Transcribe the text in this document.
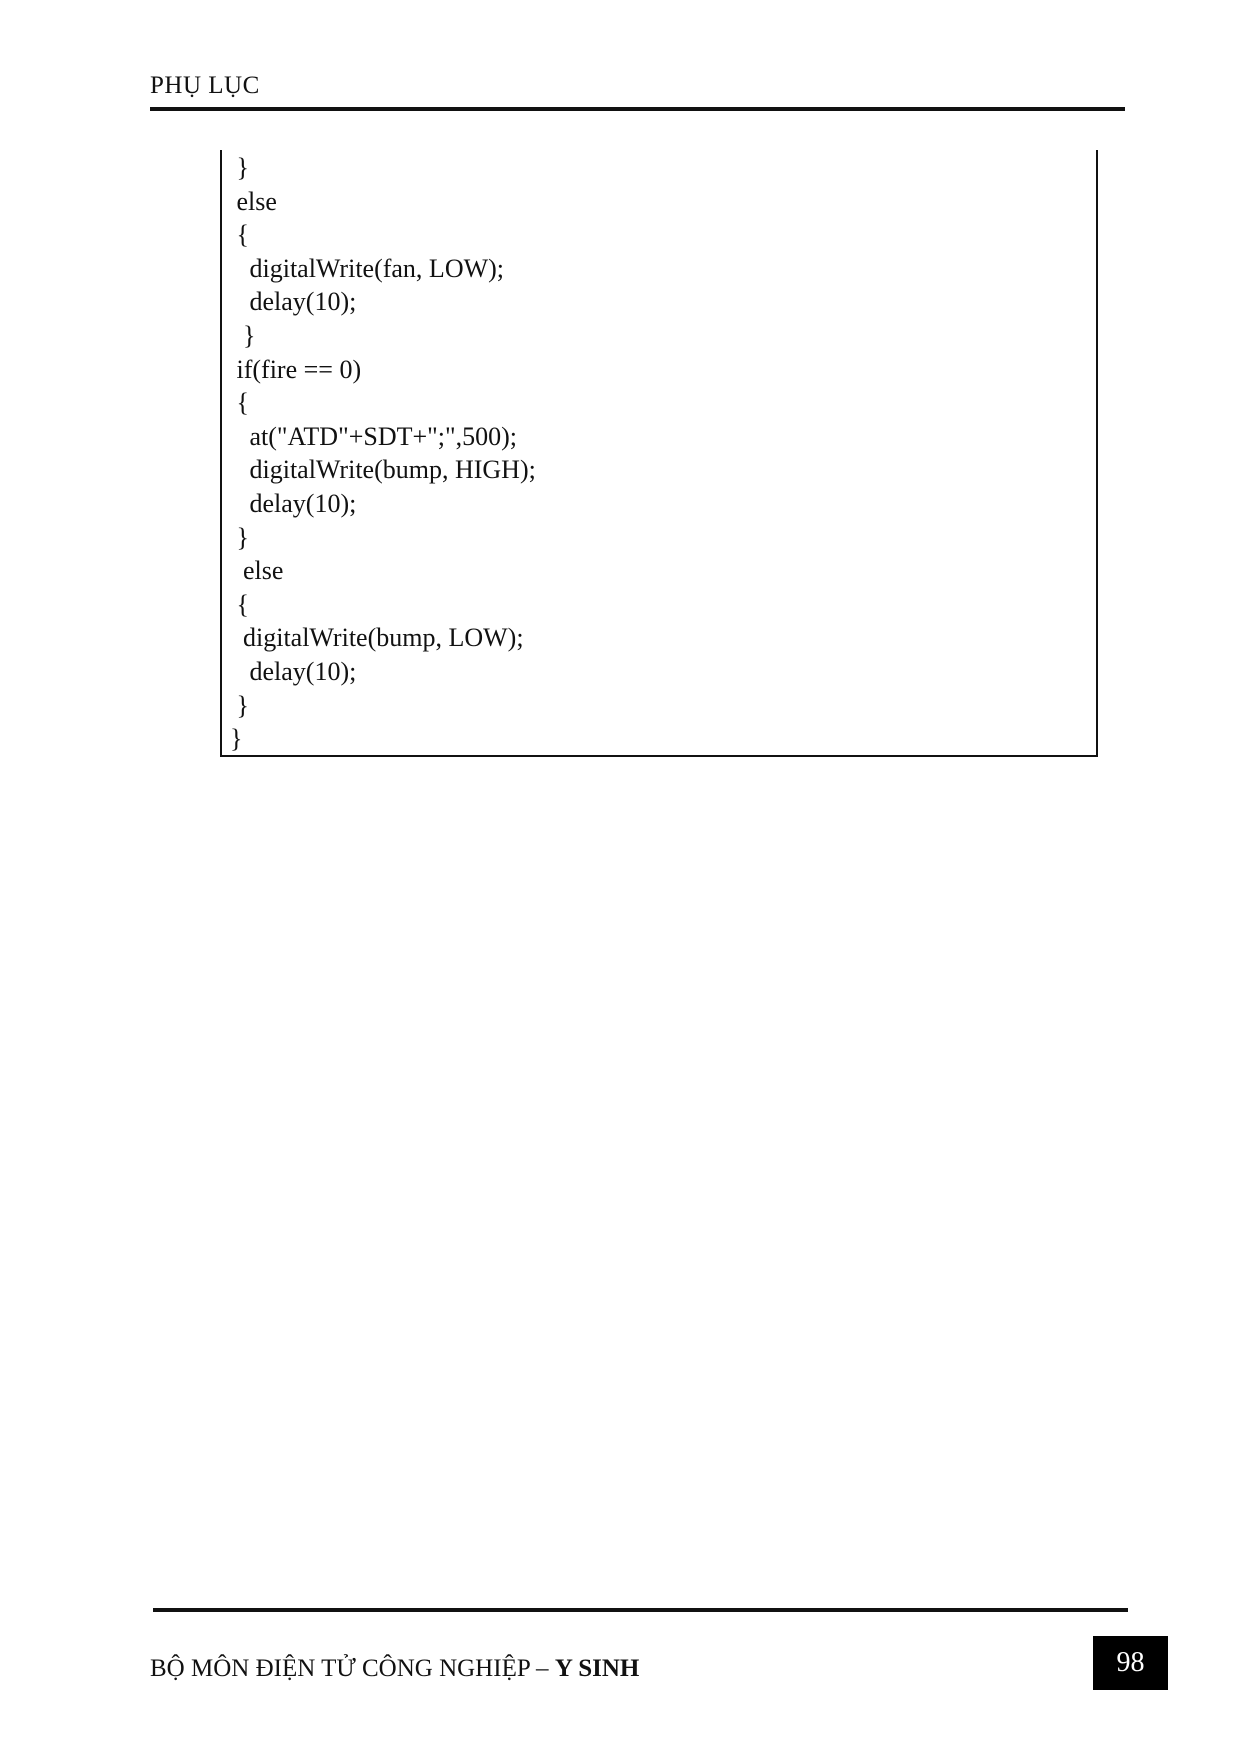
PHỤ LỤC
}
else
{
digitalWrite(fan, LOW);
delay(10);
}
if(fire == 0)
{
at("ATD"+SDT+";",500);
digitalWrite(bump, HIGH);
delay(10);
}
else
{
digitalWrite(bump, LOW);
delay(10);
}
}
BỘ MÔN ĐIỆN TỬ CÔNG NGHIỆP – Y SINH	98
